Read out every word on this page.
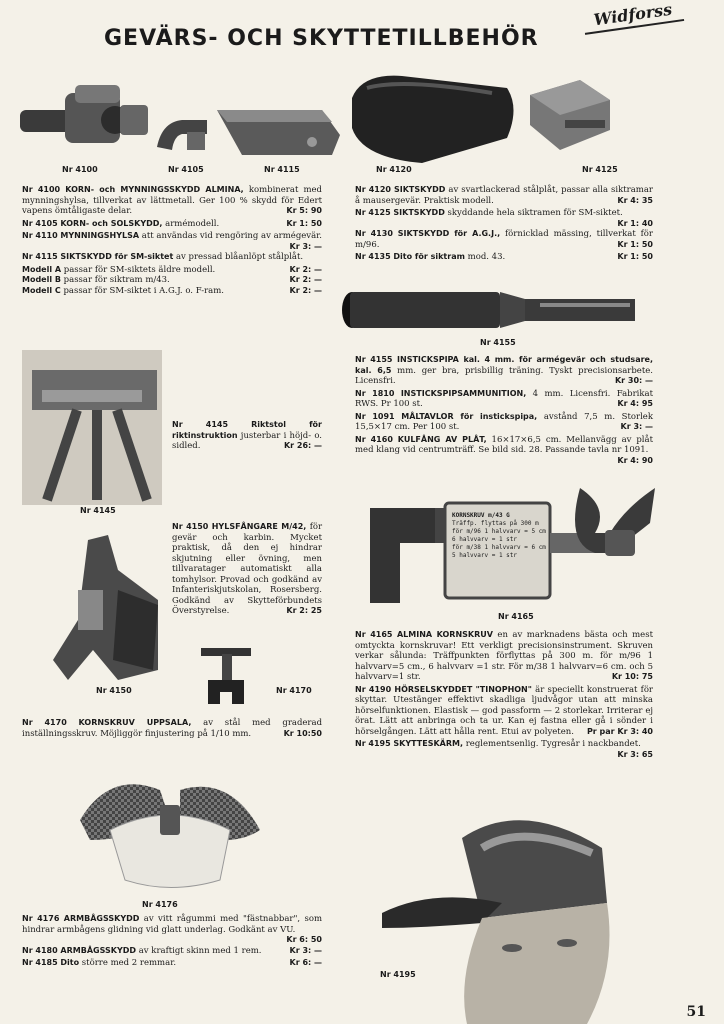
Widforss
GEVÄRS- OCH SKYTTETILLBEHÖR
Nr 4100	Nr 4105	Nr 4115	Nr 4120	Nr 4125

Nr 4100 KORN- och MYNNINGSSKYDD ALMINA, kombinerat med mynningshylsa, tillverkat av lättmetall. Ger 100 % skydd för Edert vapens ömtåligaste delar.	Kr 5: 90

Nr 4105 KORN- och SOLSKYDD, armémodell.	Kr 1: 50

Nr 4110 MYNNINGSHYLSA att användas vid rengöring av armégevär.
Kr 3: —

Nr 4115 SIKTSKYDD för SM-siktet av pressad blåanlöpt stålplåt.

Modell A passar för SM-siktets äldre modell.	Kr 2: —

Modell B passar för siktram m/43.	Kr 2: —

Modell C passar för SM-siktet i A.G.J. o. F-ram.	Kr 2: —

Nr 4145

Nr 4145	Riktstol för riktinstruktion justerbar i höjd- o. sidled.	Kr 26: —

Nr 4150

Nr 4150 HYLSFÅNGARE M/42, för gevär och karbin. Mycket praktisk, då den ej hindrar skjutning eller övning, men tillvaratager automatiskt alla tomhylsor. Provad och godkänd av Infanteriskjutskolan, Rosersberg. Godkänd av Skytteförbundets Överstyrelse.	Kr 2: 25

Nr 4170

Nr 4170 KORNSKRUV UPPSALA, av stål med graderad inställningsskruv. Möjliggör finjustering på 1/10 mm.	Kr 10:50

Nr 4176

Nr 4176 ARMBÅGSSKYDD av vitt rågummi med "fästnabbar", som hindrar armbågens glidning vid glatt underlag. Godkänt av VU.
Kr 6: 50

Nr 4180 ARMBÅGSSKYDD av kraftigt skinn med 1 rem.	Kr 3: —

Nr 4185 Dito större med 2 remmar.	Kr 6: —

Nr 4120 SIKTSKYDD av svartlackerad stålplåt, passar alla siktramar å mausergevär. Praktisk modell.	Kr 4: 35

Nr 4125 SIKTSKYDD skyddande hela siktramen för SM-siktet.
Kr 1: 40

Nr 4130 SIKTSKYDD för A.G.J., förnicklad mässing, tillverkat för m/96.	Kr 1: 50

Nr 4135 Dito för siktram mod. 43.	Kr 1: 50

Nr 4155

Nr 4155 INSTICKSPIPA kal. 4 mm. för armégevär och studsare, kal. 6,5 mm. ger bra, prisbillig träning. Tyskt precisionsarbete. Licensfri.	Kr 30: —

Nr 1810 INSTICKSPIPSAMMUNITION, 4 mm. Licensfri. Fabrikat RWS. Pr 100 st.	Kr 4: 95

Nr 1091 MÅLTAVLOR för instickspipa, avstånd 7,5 m. Storlek 15,5×17 cm. Per 100 st.	Kr 3: —

Nr 4160 KULFÅNG AV PLÅT, 16×17×6,5 cm. Mellanvägg av plåt med klang vid centrumträff. Se bild sid. 28. Passande tavla nr 1091.
Kr 4: 90

KORNSKRUV m/43 G
Träffp. flyttas på 300 m
för m/96 1 halvvarv = 5 cm
6 halvvarv = 1 str
för m/38 1 halvvarv = 6 cm
5 halvvarv = 1 str
Nr 4165

Nr 4165 ALMINA KORNSKRUV en av marknadens bästa och mest omtyckta kornskruvar! Ett verkligt precisionsinstrument. Skruven verkar sålunda: Träffpunkten förflyttas på 300 m. för m/96 1 halvvarv=5 cm., 6 halvvarv =1 str. För m/38 1 halvvarv=6 cm. och 5 halvvarv=1 str.	Kr 10: 75

Nr 4190 HÖRSELSKYDDET "TINOPHON" är speciellt konstruerat för skyttar. Utestänger effektivt skadliga ljudvågor utan att minska hörselfunktionen. Elastisk — god passform — 2 storlekar. Irriterar ej örat. Lätt att anbringa och ta ur. Kan ej fastna eller gå i sönder i hörselgången. Lätt att hålla rent. Etui av polyeten. Pr par Kr 3: 40

Nr 4195 SKYTTESKÄRM, reglementsenlig. Tygresår i nackbandet.
Kr 3: 65

Nr 4195
51
